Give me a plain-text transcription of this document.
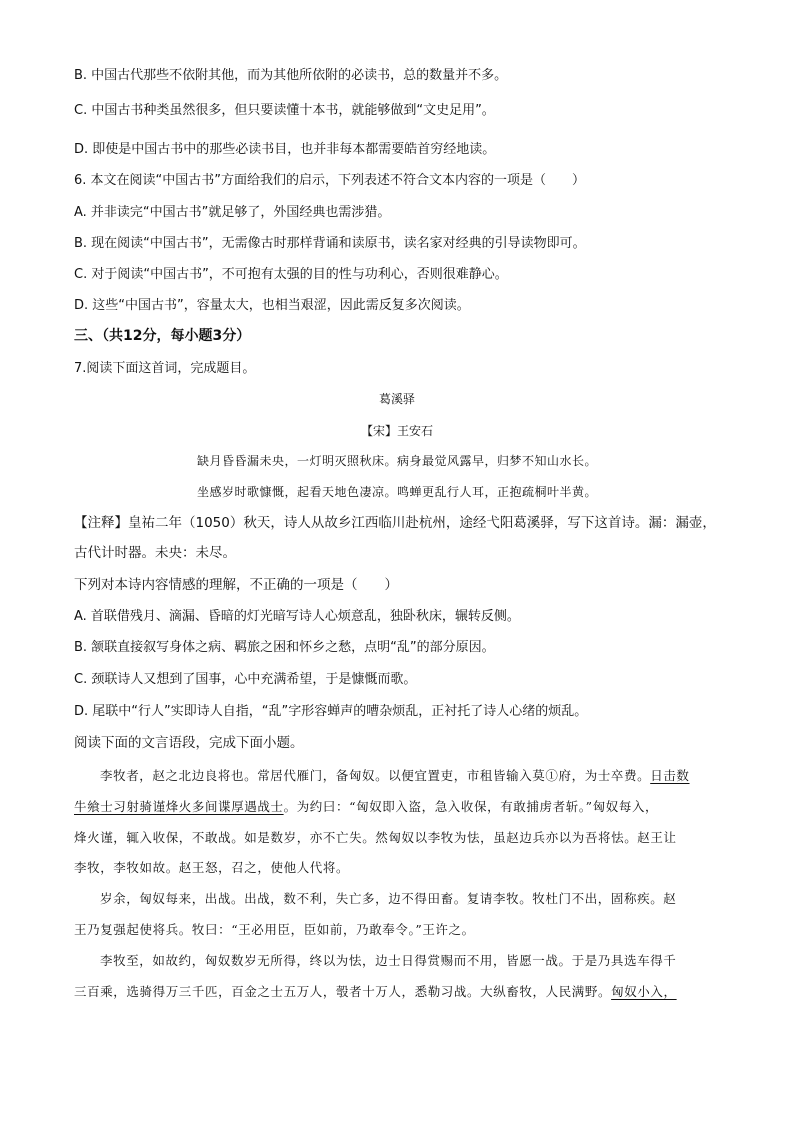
B. 中国古代那些不依附其他，而为其他所依附的必读书，总的数量并不多。
C. 中国古书种类虽然很多，但只要读懂十本书，就能够做到“文史足用”。
D. 即使是中国古书中的那些必读书目，也并非每本都需要皓首穷经地读。
6. 本文在阅读“中国古书”方面给我们的启示，下列表述不符合文本内容的一项是（　　）
A. 并非读完“中国古书”就足够了，外国经典也需涉猎。
B. 现在阅读“中国古书”，无需像古时那样背诵和读原书，读名家对经典的引导读物即可。
C. 对于阅读“中国古书”，不可抱有太强的目的性与功利心，否则很难静心。
D. 这些“中国古书”，容量太大，也相当艰涩，因此需反复多次阅读。
三、（共12分，每小题3分）
7.阅读下面这首词，完成题目。
葛溪驿
【宋】王安石
缺月昏昏漏未央，一灯明灭照秋床。病身最觉风露早，归梦不知山水长。
坐感岁时歌慷慨，起看天地色凄凉。鸣蝉更乱行人耳，正抱疏桐叶半黄。
【注释】皇祐二年（1050）秋天，诗人从故乡江西临川赴杭州，途经弋阳葛溪驿，写下这首诗。漏：漏壶，
古代计时器。未央：未尽。
下列对本诗内容情感的理解，不正确的一项是（　　）
A. 首联借残月、滴漏、昏暗的灯光暗写诗人心烦意乱，独卧秋床，辗转反侧。
B. 颔联直接叙写身体之病、羁旅之困和怀乡之愁，点明“乱”的部分原因。
C. 颈联诗人又想到了国事，心中充满希望，于是慷慨而歌。
D. 尾联中“行人”实即诗人自指，“乱”字形容蝉声的嘈杂烦乱，正衬托了诗人心绪的烦乱。
阅读下面的文言语段，完成下面小题。
李牧者，赵之北边良将也。常居代雁门，备匈奴。以便宜置吏，市租皆输入莫①府，为士卒费。日击数
牛飨士习射骑谨烽火多间谍厚遇战士。为约曰：“匈奴即入盗，急入收保，有敢捕虏者斩。”匈奴每入，
烽火谨，辄入收保，不敢战。如是数岁，亦不亡失。然匈奴以李牧为怯，虽赵边兵亦以为吾将怯。赵王让
李牧，李牧如故。赵王怒，召之，使他人代将。
岁余，匈奴每来，出战。出战，数不利，失亡多，边不得田畜。复请李牧。牧杜门不出，固称疾。赵
王乃复强起使将兵。牧曰：“王必用臣，臣如前，乃敢奉令。”王许之。
李牧至，如故约，匈奴数岁无所得，终以为怯，边士日得赏赐而不用，皆愿一战。于是乃具选车得千
三百乘，选骑得万三千匹，百金之士五万人，彀者十万人，悉勒习战。大纵畜牧，人民满野。匈奴小入，
